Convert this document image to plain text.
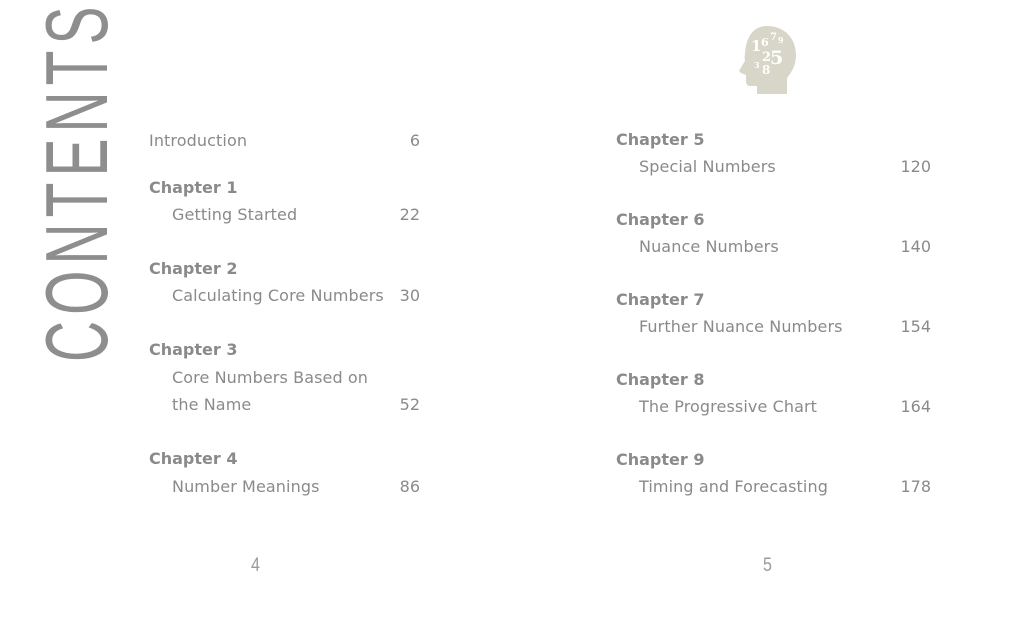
CONTENTS Introduction	6
Chapter 1
Getting Started	22
Chapter 2
Calculating Core Numbers 30
Chapter 3
Core Numbers Based on
the Name	52
Chapter 4
Number Meanings	86
4
1 6 7 9
2
5
3 8
Chapter 5
Special Numbers	120
Chapter 6
Nuance Numbers	140
Chapter 7
Further Nuance Numbers	154
Chapter 8
The Progressive Chart	164
Chapter 9
Timing and Forecasting	178
5
